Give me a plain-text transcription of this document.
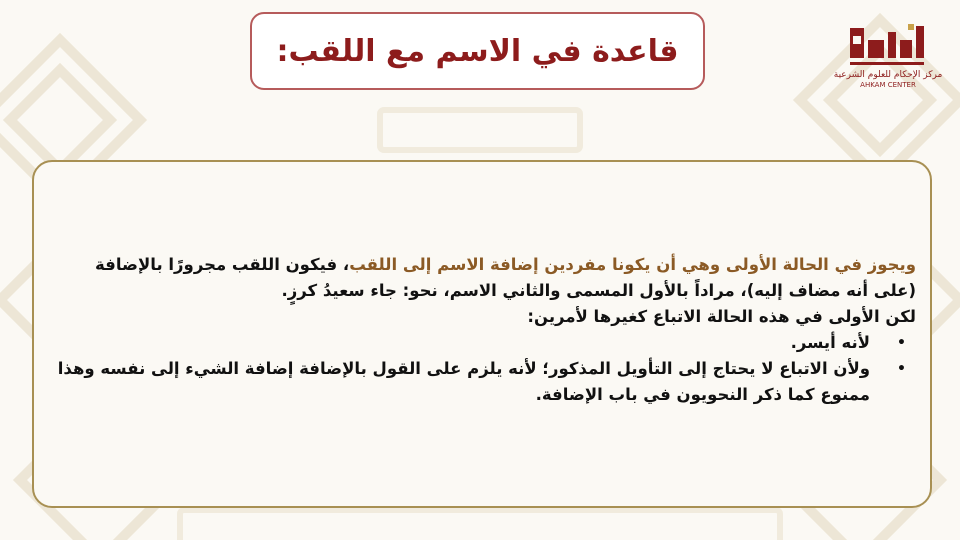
قاعدة في الاسم مع اللقب:
مركز الإحكام للعلوم الشرعية
AHKAM CENTER

ويجوز في الحالة الأولى وهي أن يكونا مفردين إضافة الاسم إلى اللقب، فيكون اللقب مجرورًا بالإضافة (على أنه مضاف إليه)، مراداً بالأول المسمى والثاني الاسم، نحو: جاء سعيدُ كرزٍ.

لكن الأولى في هذه الحالة الاتباع كغيرها لأمرين:

•
لأنه أيسر.
•
ولأن الاتباع لا يحتاج إلى التأويل المذكور؛ لأنه يلزم على القول بالإضافة إضافة الشيء إلى نفسه وهذا ممنوع كما ذكر النحويون في باب الإضافة.
